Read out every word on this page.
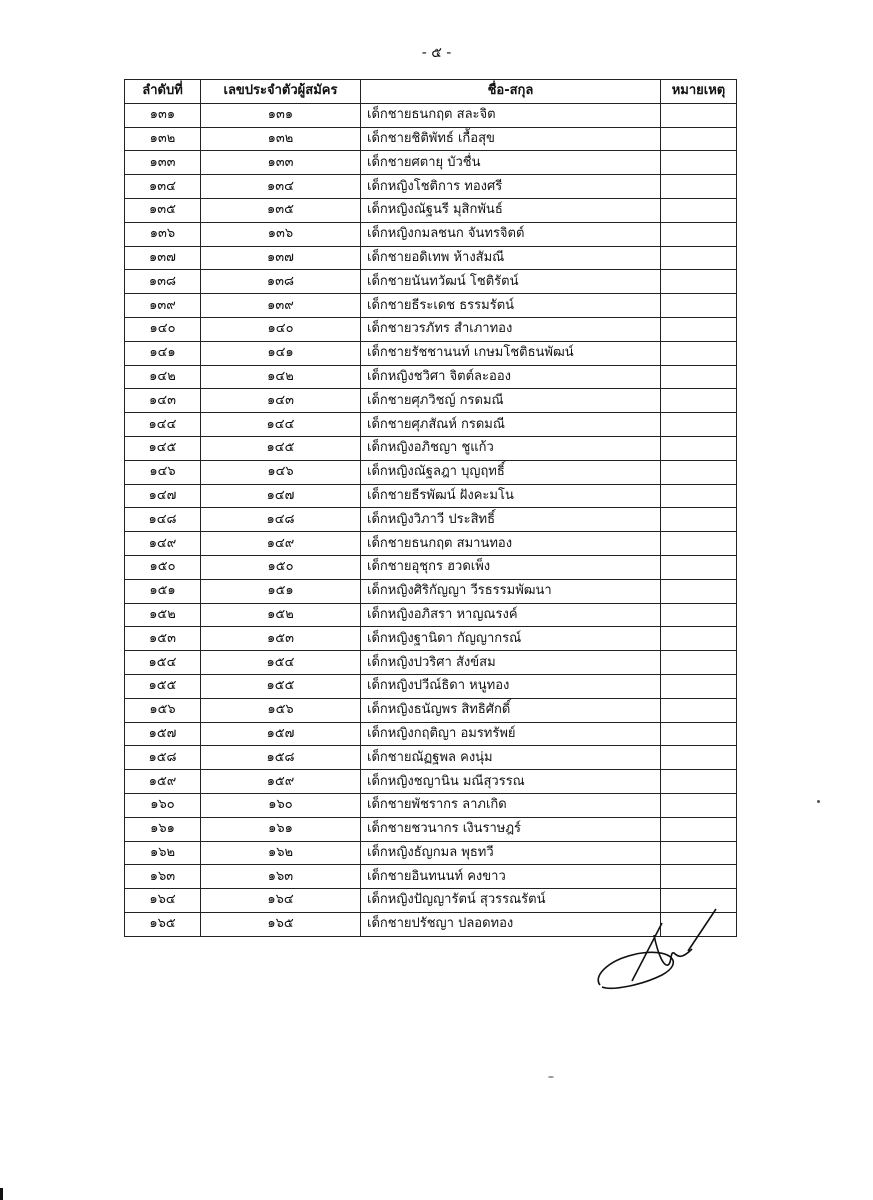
- ๕ -
ลำดับที่	เลขประจำตัวผู้สมัคร	ชื่อ-สกุล	หมายเหตุ
๑๓๑	๑๓๑	เด็กชายธนกฤต สละจิต	
๑๓๒	๑๓๒	เด็กชายชิติพัทธ์ เกื้อสุข	
๑๓๓	๑๓๓	เด็กชายศตายุ บัวชื่น	
๑๓๔	๑๓๔	เด็กหญิงโชติการ ทองศรี	
๑๓๕	๑๓๕	เด็กหญิงณัฐนรี มุสิกพันธ์	
๑๓๖	๑๓๖	เด็กหญิงกมลชนก จันทรจิตต์	
๑๓๗	๑๓๗	เด็กชายอดิเทพ ห้างสัมณี	
๑๓๘	๑๓๘	เด็กชายนันทวัฒน์ โชติรัตน์	
๑๓๙	๑๓๙	เด็กชายธีระเดช ธรรมรัตน์	
๑๔๐	๑๔๐	เด็กชายวรภัทร สำเภาทอง	
๑๔๑	๑๔๑	เด็กชายรัชชานนท์ เกษมโชติธนพัฒน์	
๑๔๒	๑๔๒	เด็กหญิงชวิศา จิตต์ละออง	
๑๔๓	๑๔๓	เด็กชายศุภวิชญ์ กรดมณี	
๑๔๔	๑๔๔	เด็กชายศุภสัณห์ กรดมณี	
๑๔๕	๑๔๕	เด็กหญิงอภิชญา ชูแก้ว	
๑๔๖	๑๔๖	เด็กหญิงณัฐลฎา บุญฤทธิ์	
๑๔๗	๑๔๗	เด็กชายธีรพัฒน์ ฝังคะมโน	
๑๔๘	๑๔๘	เด็กหญิงวิภาวี ประสิทธิ์	
๑๔๙	๑๔๙	เด็กชายธนกฤต สมานทอง	
๑๕๐	๑๕๐	เด็กชายอุชุกร ฮวดเพ็ง	
๑๕๑	๑๕๑	เด็กหญิงศิริกัญญา วีรธรรมพัฒนา	
๑๕๒	๑๕๒	เด็กหญิงอภิสรา หาญณรงค์	
๑๕๓	๑๕๓	เด็กหญิงฐานิดา กัญญากรณ์	
๑๕๔	๑๕๔	เด็กหญิงปวริศา สังข์สม	
๑๕๕	๑๕๕	เด็กหญิงปวีณ์ธิดา หนูทอง	
๑๕๖	๑๕๖	เด็กหญิงธนัญพร สิทธิศักดิ์	
๑๕๗	๑๕๗	เด็กหญิงกฤติญา อมรทรัพย์	
๑๕๘	๑๕๘	เด็กชายณัฏฐพล คงนุ่ม	
๑๕๙	๑๕๙	เด็กหญิงชญานิน มณีสุวรรณ	
๑๖๐	๑๖๐	เด็กชายพัชรากร ลาภเกิด	
๑๖๑	๑๖๑	เด็กชายชวนากร เงินราษฎร์	
๑๖๒	๑๖๒	เด็กหญิงธัญกมล พุธทวี	
๑๖๓	๑๖๓	เด็กชายอินทนนท์ คงขาว	
๑๖๔	๑๖๔	เด็กหญิงปัญญารัตน์ สุวรรณรัตน์	
๑๖๕	๑๖๕	เด็กชายปรัชญา ปลอดทอง	
